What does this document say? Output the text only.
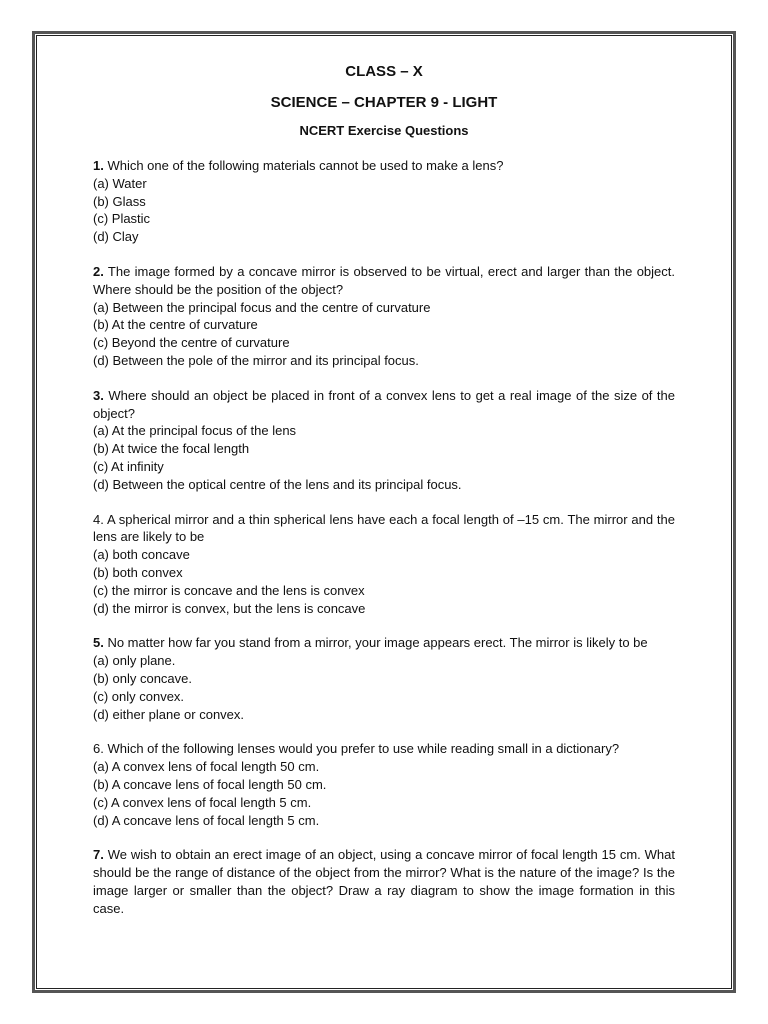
CLASS – X
SCIENCE – CHAPTER 9 - LIGHT
NCERT Exercise Questions
1. Which one of the following materials cannot be used to make a lens?
(a) Water
(b) Glass
(c) Plastic
(d) Clay
2. The image formed by a concave mirror is observed to be virtual, erect and larger than the object. Where should be the position of the object?
(a) Between the principal focus and the centre of curvature
(b) At the centre of curvature
(c) Beyond the centre of curvature
(d) Between the pole of the mirror and its principal focus.
3. Where should an object be placed in front of a convex lens to get a real image of the size of the object?
(a) At the principal focus of the lens
(b) At twice the focal length
(c) At infinity
(d) Between the optical centre of the lens and its principal focus.
4. A spherical mirror and a thin spherical lens have each a focal length of –15 cm. The mirror and the lens are likely to be
(a) both concave
(b) both convex
(c) the mirror is concave and the lens is convex
(d) the mirror is convex, but the lens is concave
5. No matter how far you stand from a mirror, your image appears erect. The mirror is likely to be
(a) only plane.
(b) only concave.
(c) only convex.
(d) either plane or convex.
6. Which of the following lenses would you prefer to use while reading small in a dictionary?
(a) A convex lens of focal length 50 cm.
(b) A concave lens of focal length 50 cm.
(c) A convex lens of focal length 5 cm.
(d) A concave lens of focal length 5 cm.
7. We wish to obtain an erect image of an object, using a concave mirror of focal length 15 cm. What should be the range of distance of the object from the mirror? What is the nature of the image? Is the image larger or smaller than the object? Draw a ray diagram to show the image formation in this case.
